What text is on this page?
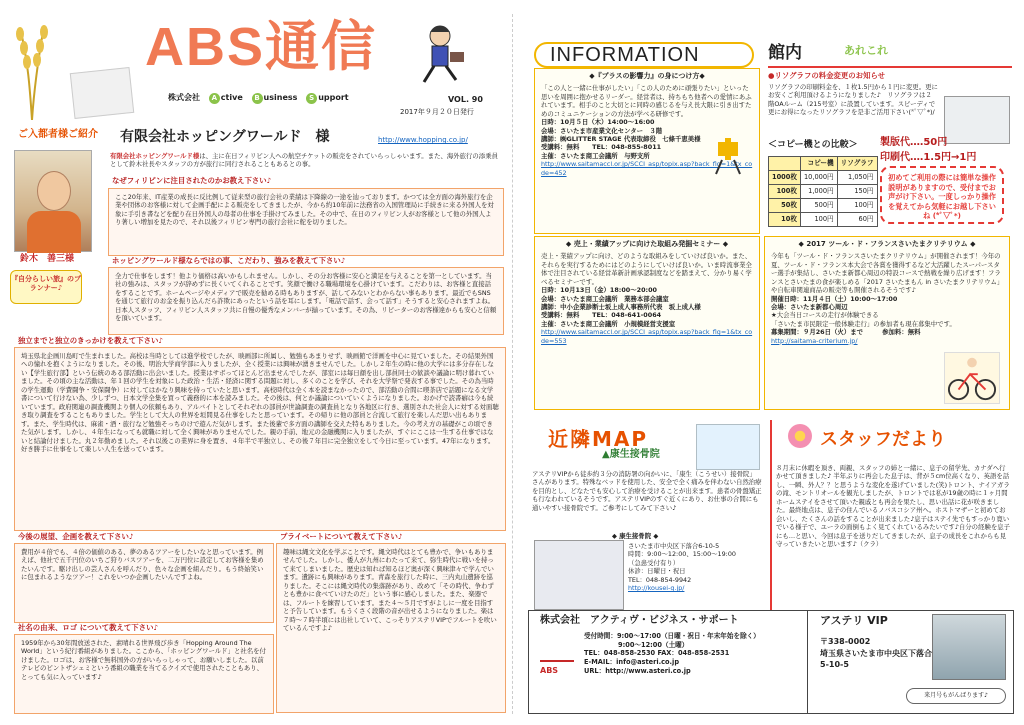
ABS通信
株式会社 A ctive B usiness S upport	VOL. 90
2017年９月２０日発行
ご入都者様ご紹介 有限会社ホッピングワールド　様	http://www.hopping.co.jp/
鈴木　善三様
『自分らしい旅』のプランナー♪
有限会社ホッピングワールド様は、主に在日フィリピン人への航空チケットの販売をされていらっしゃいます。また、海外旅行の添乗員として鈴木社長やスタッフの方が旅行に同行されることもあるとの事。
なぜフィリピンに注目されたのかお教え下さい♪
ここ20年来、IT産業の成長に反比例して従来型の旅行会社の業績は下降線の一途を辿っております。かつては全方面の海外旅行を企業や団体のお客様に対して企画手配による販売をしてきましたが、今から約10年前に法務省の入国管理局に手続きに来る外国人を対象に手引き書などを配り在日外国人の母者の仕事を手掛けてみました。その中で、在日のフィリピン人がお客様として他の外国人より著しい増加を見たので、それ以後フィリピン専門の旅行会社に舵を切りました。
ホッピングワールド様ならではの事、こだわり、強みを教えて下さい♪
全力で仕事をします！他より価格は高いかもしれません。しかし、その分お客様に安心と満足を与えることを第一としています。当社の強みは、スタッフが辞めずに長くいてくれることです。笑顔で働ける職場環境を心掛けています。こだわりは、お客様と直接話をすることです。ホームページやメディアで販売を勧める時もありますが、話してみないとわからない事もあります。最近でもSNSを通じて旅行のお金を振り込んだら詐欺にあったという話を耳にします。「電話で話す、会って話す」そうすると安心されますよね。日本人スタッフ、フィリピン人スタッフ共に自慢の優秀なメンバーが揃っています。その為、リピーターのお客様達からも安心と信頼を頂いています。
独立までと独立のきっかけを教えて下さい♪
埼玉県北企画川島町で生まれました。高校は当時としては進学校でしたが、映画部に所属し、勉強もあまりせず、映画館で洋画を中心に見ていました。その結果外国への憧れを抱くようになりました。その後、明治大学商学部に入りましたが、全く授業には興味が湧きませんでした。しかし２年生の時に他の大学には多分存在しない【学生旅行部】という伝統のある部活動に出会いました。授業はサボってほとんど出ませんでしたが、部室には毎日顔を出し部員同士の歓談や議論に明け暮れていました。その頃の主な活動は、年１回の学生を対象にした政治・生活・経済に関する問題に対し、多くのことを学び、それを大学祭で発表する事でした。その為当時の学生運動（学費闘争・安保闘争）に対してはかなり興味を持っていたと思います。高校時代は全く本を読まなかったので、部活動の合間に喫茶店で話題になる文学書について行けない為、少しずつ、日本文学全集を買って義務的に本を読みました。その後は、何とか議論についていくようになりました。おかげで読書癖は今も続いています。政府関連の調査機関より個人の依頼もあり、アルバイトとしてそれぞれの部員が世論調査の調査員となり各地区に行き、選別された社会人に対する対面聴き取り調査をすることもありました。学生として大人の世界を垣間見る仕事をしたと思っています。その帰りに他の部員と合流して旅行を楽しんだ思い出もあります。また、学生時代は、麻雀・酒・旅行など勉強そっちのけで遊んだ気がします。また後輩で多方面の講師を交えた特もありました。今の考え方の基礎がこの頃できた気がします。しかし、４年生になっても就職に対して全く興味がありませんでした。親の手前、地元の金融機関に入りましたが、すぐにここは一生する仕事ではないと結論付けました。丸２年勤めました。それ以後この業界に身を置き、４年半で平独立し、その後７年目に完全独立をして今日に至っています。47年になります。好き勝手に仕事をして楽しい人生を送っています。
今後の展望、企画を教えて下さい♪
費用が４倍でも、４倍の価値のある、夢のあるツアーをしたいなと思っています。例えば、他社で五千円位のいちご狩りバスツアーを、二万円位に設定してお客様を集めたいんです。駆け出しの芸人さんを呼んだり、色々な企画を組んだり。もう終始笑いに包まれるようなツアー！これをいつか企画したいんですよね。
プライベートについて教えて下さい♪
趣味は縄文文化を学ぶことです。縄文時代はとても豊かで、争いもありませんでした。しかし、倭人が九州にわたって来て、弥生時代に戦いを持って来てしまいました。歴史は知れば知るほど奥が深く興味津々で学んでいます。遺跡にも興味があります。青森を旅行した時に、三内丸山遺跡を巡りました。そこには縄文時代の集落跡があり、改めて「その時代、争わずとも豊かに食べていけたのだ」という事に感心しました。また、楽器では、フルートを練習しています。また４～５月ですがよしに一度を目指すと予告しています。もうくさく段階の音が出せるようになりました。楽は７時～７時半頃には出社していて、こっそりアステリVIPでフルートを吹いているんですよ♪
社名の由来、ロゴ について教えて下さい♪
1959年から30年間放送された、素晴れる世界飛び歩き「Hopping Around The World」という紀行番組がありました。ここから、「ホッピングワールド」と社名を付けました。ロゴは、お客様で無料国外の方がいらっしゃって、お願いしました。以前テレビのピントザシェミという番組の職業を当てるクイズで使用されたこともあり、とっても気に入っています♪
INFORMATION
◆『プラスの影響力』の身につけ方◆
「この人と一緒に仕事がしたい」「この人のために頑張りたい」といった思いを周囲に抱かせるリーダー。経営者は、持ちもち他者への愛情にあふれています。相手のこと大切とに同時の感じるを与え長大限に引き出すためのコミュニケーションの方法が学べる研修です。
日時：10月５日（木）14:00～16:00
会場：さいたま市産業文化センター　３階
講師：㈱GLITTER STAGE 代表取締役　七條千恵美様
受講料：無料　　TEL：048-855-8011
主催：さいたま商工会議所　与野支所
http://www.saitamaccl.or.jp/SCCI_asp/topix.asp?back_flg=1&tx_code=452
◆ 売上・業績アップに向けた取組み発掘セミナー ◆
売上・業績アップに向け、どのような取組みをしていけば良いか。また、それらを実行するためにはどのようにしていけば良いか。いま時流事業全体で注目されている経営革新計画承認制度などを踏まえて、分かり易く学べるセミナーです。
日時：10月13日（金）18:00～20:00
会場：さいたま商工会議所　業務本部会議室
講師：中小企業診断士坂上成人事務所代表　坂上成人様
受講料：無料　　TEL：048-641-0064
主催：さいたま商工会議所　小規模経営支援室
http://www.saitamaccl.or.jp/SCCI_asp/topix.asp?back_flg=1&tx_code=553
◆ 2017 ツール・ド・フランスさいたまクリテリウム ◆
今年も「ツール・ド・フランスさいたまクリテリウム」が開催されます！今年の夏、ツール・ド・フランス本大会で各賞を獲得するなど大活躍したスーパースター選手が集結し、さいたま新都心周辺の特設コースで熱戦を繰り広げます！フランスとさいたまの食が楽しめる「2017 さいたまもん in さいたまクリテリウム」や自転車関連商品の販売等も開催されるそうです♪
開催日時：11月４日（土）10:00～17:00
会場：さいたま新都心周辺
★大会当日コースの走行が体験できる
「さいたま市民限定一般体験走行」の参加者も現在募集中です。
募集期間：９月26日（火）まで　　　参加料：無料
http://saitama-criterium.jp/
館内	あれこれ
●リソグラフの料金変更のお知らせ
リソグラフの印刷料金を、１枚1.5円から１円に変更。更にお安くご利用頂けるようになりました♪　リソグラフは２階OAルーム（215号室）に設置しています。スピーディで更にお得になったリソグラフを是非ご活用下さい(*ﾟ▽ﾟ*)/
＜コピー機との比較＞	製版代‥‥50円
印刷代‥‥1.5円→1円
	コピー機	リソグラフ
1000枚	10,000円	1,050円
100枚	1,000円	150円
50枚	500円	100円
10枚	100円	60円
初めてご利用の際には簡単な操作説明がありますので、受付までお声がけ下さい。一度しっかり操作を覚えてから気軽にお越し下さいね (*ﾟ▽ﾟ*)
近隣MAP
▲康生接骨院
アステリVIPから徒歩約３分の消防署の向かいに、「康生（こうせい）接骨院」さんがあります。特殊なベッドを使用した、安全で全く痛みを伴わない自然治療を目的とし、どなたでも安心して治療を受けることが出来ます。患者の骨盤矯正も行なわれているそうです。アステリVIPのすぐ近くにあり、お仕事の合間にも通いやすい接骨院です。ご参考にしてみて下さい♪
◆ 康生接骨院 ◆
さいたま市中央区下落合6-10-5
時間：9:00～12:00、15:00～19:00
（急患受付有り）
休診：日曜日・祝日
TEL：048-854-9942
http://kousei-g.jp/
スタッフだより
８月末に休暇を頂き、両親、スタッフの姉と一緒に、息子の留学先、カナダへ行かせて頂きました♪ 半年ぶりに再会した息子は、背が５cm位高くなり、英語を話し、一瞬、外人？？と思うような変化を遂げていました(笑)トロント、ナイアガラの滝、モントリオールを観光しましたが、トロントでは私が19歳の時に１ヶ月間ホームステイをさせて頂いた親戚とも再会を果たし、思い出話に花が咲きました。最終地点は、息子の住んでいるノバスコシア州へ。ホストマザーと初めてお会いし、たくさんの話をすることが出来ました♪息子はステイ先でもすっかり寛いでいる様子で、ユーラの面倒もよく見てくれているみたいです♪自分の経験を息子にも…と思い、今回は息子を送りだしてきましたが、息子の成長をこれからも見守っていきたいと思います♪（クラ）
株式会社　アクティヴ・ビジネス・サポート
受付時間：9:00～17:00（日曜・祝日・年末年始を除く）
9:00～12:00（土曜）
TEL：048-858-2530 FAX：048-858-2531
E-MAIL：info@asteri.co.jp
URL：http://www.asteri.co.jp
ABS
アステリ VIP
〒338-0002
埼玉県さいたま市中央区下落合
5-10-5
来月号もがんばります♪
